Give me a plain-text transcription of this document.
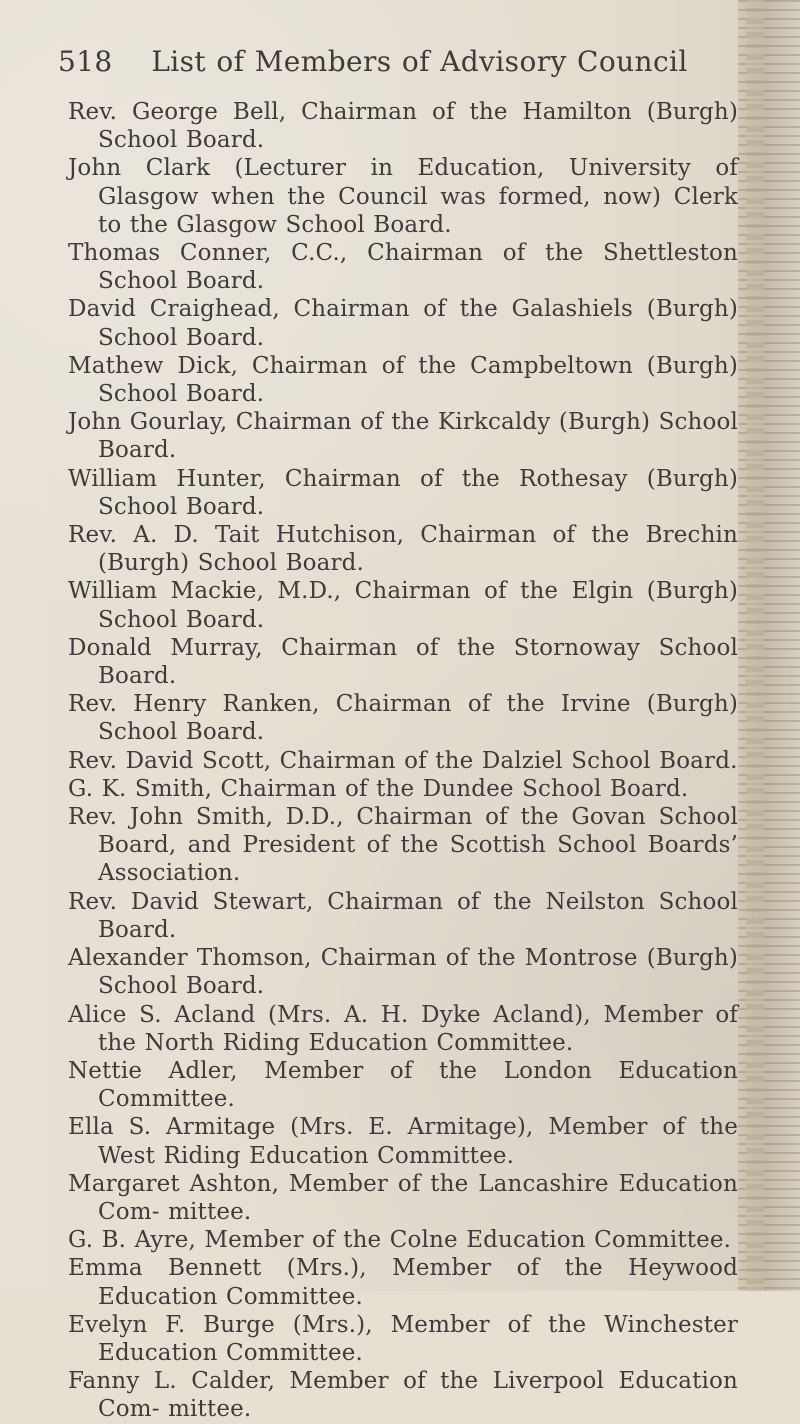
518 List of Members of Advisory Council

Rev. George Bell, Chairman of the Hamilton (Burgh) School Board.

John Clark (Lecturer in Education, University of Glasgow when the Council was formed, now) Clerk to the Glasgow School Board.

Thomas Conner, C.C., Chairman of the Shettleston School Board.

David Craighead, Chairman of the Galashiels (Burgh) School Board.

Mathew Dick, Chairman of the Campbeltown (Burgh) School Board.

John Gourlay, Chairman of the Kirkcaldy (Burgh) School Board.

William Hunter, Chairman of the Rothesay (Burgh) School Board.

Rev. A. D. Tait Hutchison, Chairman of the Brechin (Burgh) School Board.

William Mackie, M.D., Chairman of the Elgin (Burgh) School Board.

Donald Murray, Chairman of the Stornoway School Board.

Rev. Henry Ranken, Chairman of the Irvine (Burgh) School Board.

Rev. David Scott, Chairman of the Dalziel School Board.

G. K. Smith, Chairman of the Dundee School Board.

Rev. John Smith, D.D., Chairman of the Govan School Board, and President of the Scottish School Boards’ Association.

Rev. David Stewart, Chairman of the Neilston School Board.

Alexander Thomson, Chairman of the Montrose (Burgh) School Board.

Alice S. Acland (Mrs. A. H. Dyke Acland), Member of the North Riding Education Committee.

Nettie Adler, Member of the London Education Committee.

Ella S. Armitage (Mrs. E. Armitage), Member of the West Riding Education Committee.

Margaret Ashton, Member of the Lancashire Education Com- mittee.

G. B. Ayre, Member of the Colne Education Committee.

Emma Bennett (Mrs.), Member of the Heywood Education Committee.

Evelyn F. Burge (Mrs.), Member of the Winchester Education Committee.

Fanny L. Calder, Member of the Liverpool Education Com- mittee.
